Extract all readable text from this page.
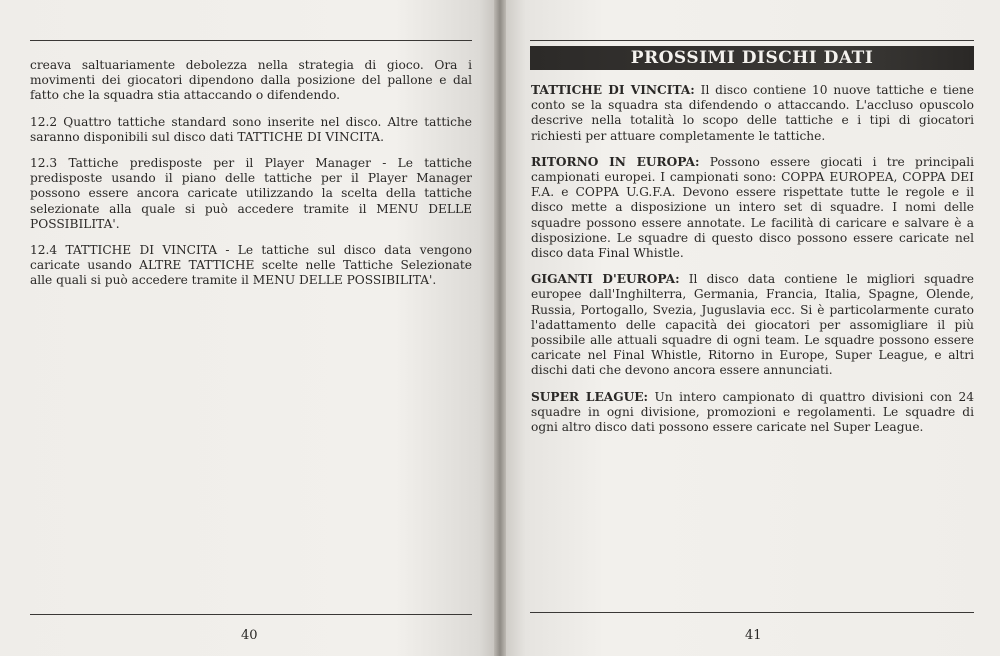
creava saltuariamente debolezza nella strategia di gioco. Ora i movimenti dei giocatori dipendono dalla posizione del pallone e dal fatto che la squadra stia attaccando o difendendo.

12.2 Quattro tattiche standard sono inserite nel disco. Altre tattiche saranno disponibili sul disco dati TATTICHE DI VINCITA.

12.3 Tattiche predisposte per il Player Manager - Le tattiche predisposte usando il piano delle tattiche per il Player Manager possono essere ancora caricate utilizzando la scelta della tattiche selezionate alla quale si può accedere tramite il MENU DELLE POSSIBILITA'.

12.4 TATTICHE DI VINCITA - Le tattiche sul disco data vengono caricate usando ALTRE TATTICHE scelte nelle Tattiche Selezionate alle quali si può accedere tramite il MENU DELLE POSSIBILITA'.

40
PROSSIMI DISCHI DATI

TATTICHE DI VINCITA: Il disco contiene 10 nuove tattiche e tiene conto se la squadra sta difendendo o attaccando. L'accluso opuscolo descrive nella totalità lo scopo delle tattiche e i tipi di giocatori richiesti per attuare completamente le tattiche.

RITORNO IN EUROPA: Possono essere giocati i tre principali campionati europei. I campionati sono: COPPA EUROPEA, COPPA DEI F.A. e COPPA U.G.F.A. Devono essere rispettate tutte le regole e il disco mette a disposizione un intero set di squadre. I nomi delle squadre possono essere annotate. Le facilità di caricare e salvare è a disposizione. Le squadre di questo disco possono essere caricate nel disco data Final Whistle.

GIGANTI D'EUROPA: Il disco data contiene le migliori squadre europee dall'Inghilterra, Germania, Francia, Italia, Spagne, Olende, Russia, Portogallo, Svezia, Juguslavia ecc. Si è particolarmente curato l'adattamento delle capacità dei giocatori per assomigliare il più possibile alle attuali squadre di ogni team. Le squadre possono essere caricate nel Final Whistle, Ritorno in Europe, Super League, e altri dischi dati che devono ancora essere annunciati.

SUPER LEAGUE: Un intero campionato di quattro divisioni con 24 squadre in ogni divisione, promozioni e regolamenti. Le squadre di ogni altro disco dati possono essere caricate nel Super League.

41
